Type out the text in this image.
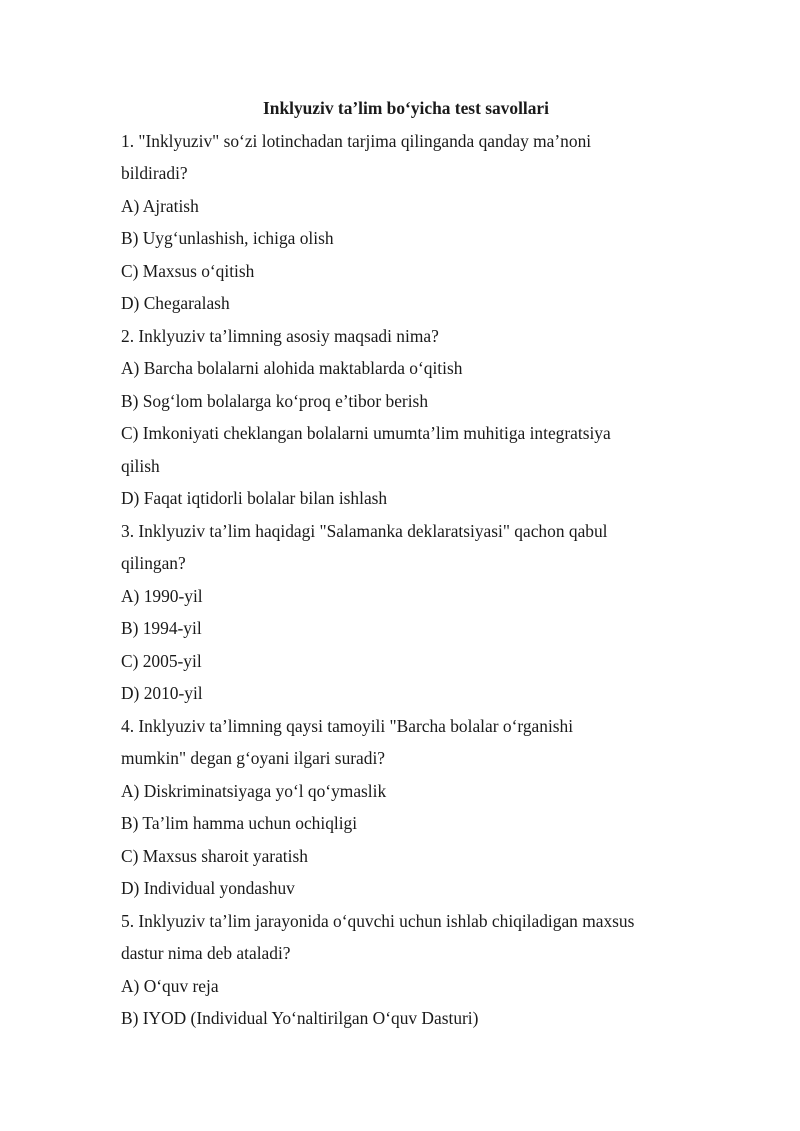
Inklyuziv ta’lim bo‘yicha test savollari

1. "Inklyuziv" so‘zi lotinchadan tarjima qilinganda qanday ma’noni

bildiradi?

A) Ajratish

B) Uyg‘unlashish, ichiga olish

C) Maxsus o‘qitish

D) Chegaralash

2. Inklyuziv ta’limning asosiy maqsadi nima?

A) Barcha bolalarni alohida maktablarda o‘qitish

B) Sog‘lom bolalarga ko‘proq e’tibor berish

C) Imkoniyati cheklangan bolalarni umumta’lim muhitiga integratsiya

qilish

D) Faqat iqtidorli bolalar bilan ishlash

3. Inklyuziv ta’lim haqidagi "Salamanka deklaratsiyasi" qachon qabul

qilingan?

A) 1990-yil

B) 1994-yil

C) 2005-yil

D) 2010-yil

4. Inklyuziv ta’limning qaysi tamoyili "Barcha bolalar o‘rganishi

mumkin" degan g‘oyani ilgari suradi?

A) Diskriminatsiyaga yo‘l qo‘ymaslik

B) Ta’lim hamma uchun ochiqligi

C) Maxsus sharoit yaratish

D) Individual yondashuv

5. Inklyuziv ta’lim jarayonida o‘quvchi uchun ishlab chiqiladigan maxsus

dastur nima deb ataladi?

A) O‘quv reja

B) IYOD (Individual Yo‘naltirilgan O‘quv Dasturi)
